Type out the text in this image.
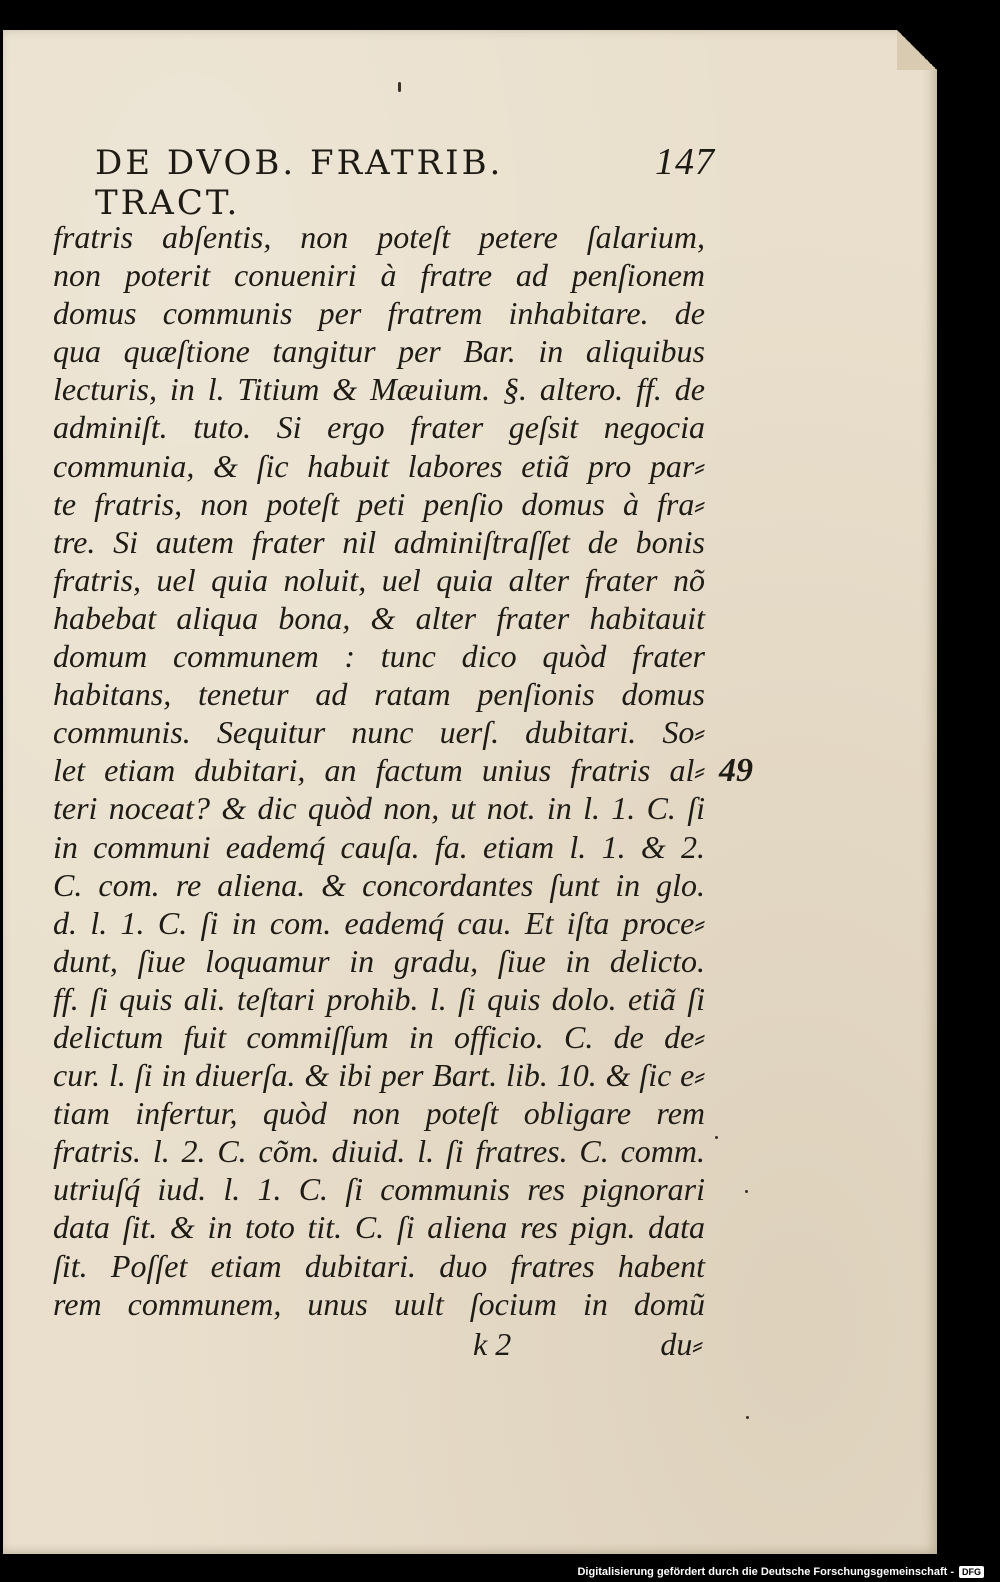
DE DVOB. FRATRIB. TRACT.
147
fratris abſentis, non poteſt petere ſalarium,
non poterit conueniri à fratre ad penſionem
domus communis per fratrem inhabitare. de
qua quæſtione tangitur per Bar. in aliquibus
lecturis, in l. Titium & Mæuium. §. altero. ff. de
adminiſt. tuto. Si ergo frater geſsit negocia
communia, & ſic habuit labores etiã pro par⸗
te fratris, non poteſt peti penſio domus à fra⸗
tre. Si autem frater nil adminiſtraſſet de bonis
fratris, uel quia noluit, uel quia alter frater nõ
habebat aliqua bona, & alter frater habitauit
domum communem : tunc dico quòd frater
habitans, tenetur ad ratam penſionis domus
communis. Sequitur nunc uerſ. dubitari. So⸗
let etiam dubitari, an factum unius fratris al⸗
teri noceat? & dic quòd non, ut not. in l. 1. C. ſi
in communi eademq́ cauſa. fa. etiam l. 1. & 2.
C. com. re aliena. & concordantes ſunt in glo.
d. l. 1. C. ſi in com. eademq́ cau. Et iſta proce⸗
dunt, ſiue loquamur in gradu, ſiue in delicto.
ff. ſi quis ali. teſtari prohib. l. ſi quis dolo. etiã ſi
delictum fuit commiſſum in officio. C. de de⸗
cur. l. ſi in diuerſa. & ibi per Bart. lib. 10. & ſic e⸗
tiam infertur, quòd non poteſt obligare rem
fratris. l. 2. C. cõm. diuid. l. ſi fratres. C. comm.
utriuſq́ iud. l. 1. C. ſi communis res pignorari
data ſit. & in toto tit. C. ſi aliena res pign. data
ſit. Poſſet etiam dubitari. duo fratres habent
rem communem, unus uult ſocium in domũ
49
k 2	du⸗
Digitalisierung gefördert durch die Deutsche Forschungsgemeinschaft - DFG
